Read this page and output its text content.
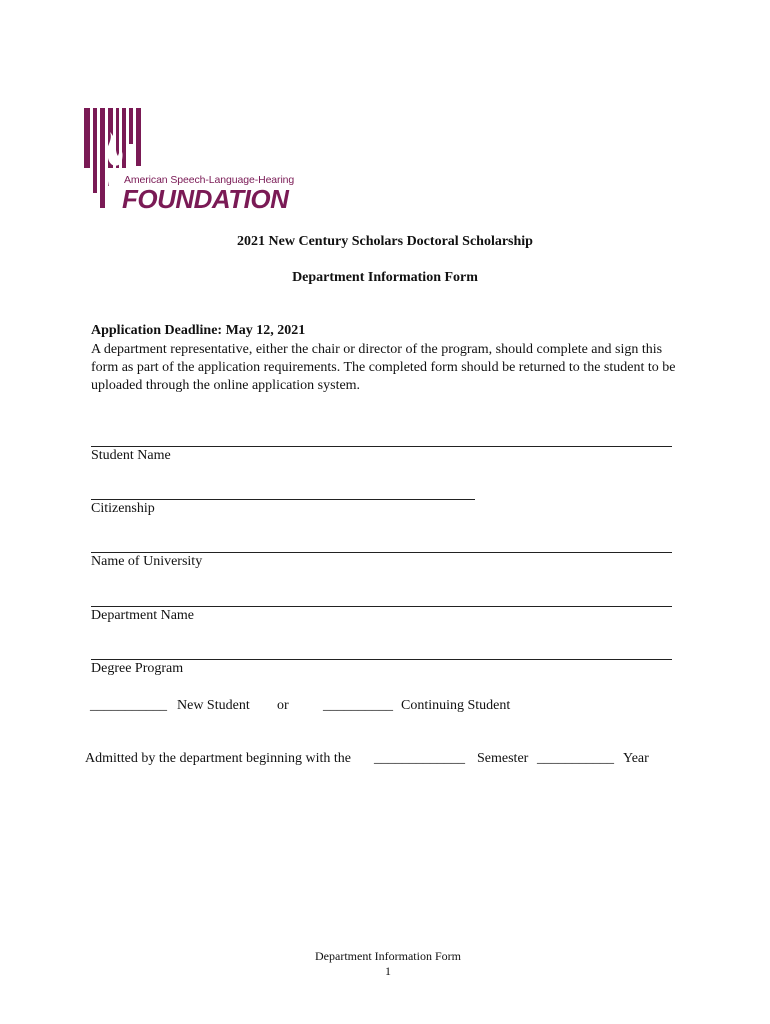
American Speech-Language-Hearing
FOUNDATION
2021 New Century Scholars Doctoral Scholarship
Department Information Form
Application Deadline: May 12, 2021
A department representative, either the chair or director of the program, should complete and sign this form as part of the application requirements. The completed form should be returned to the student to be uploaded through the online application system.
Student Name
Citizenship
Name of University
Department Name
Degree Program
___________ New Student or __________ Continuing Student
Admitted by the department beginning with the _____________ Semester ___________ Year
Department Information Form
1
